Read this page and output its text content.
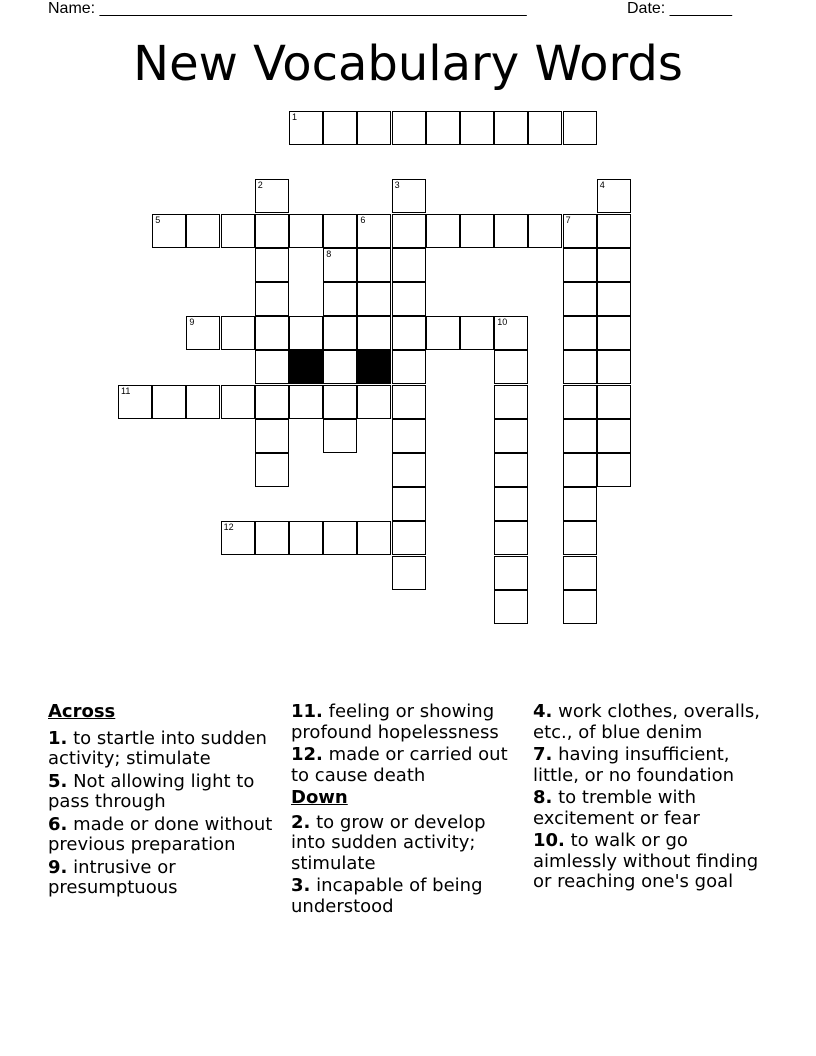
Name: ________________________________________________	Date: _______
New Vocabulary Words
1
2	3	4
5	6	7
8
9	10
11
12
Across
1. to startle into sudden activity; stimulate
5. Not allowing light to pass through
6. made or done without previous preparation
9. intrusive or presumptuous
11. feeling or showing profound hopelessness
12. made or carried out to cause death
Down
2. to grow or develop into sudden activity; stimulate
3. incapable of being understood
4. work clothes, overalls, etc., of blue denim
7. having insufficient, little, or no foundation
8. to tremble with excitement or fear
10. to walk or go aimlessly without finding or reaching one's goal
